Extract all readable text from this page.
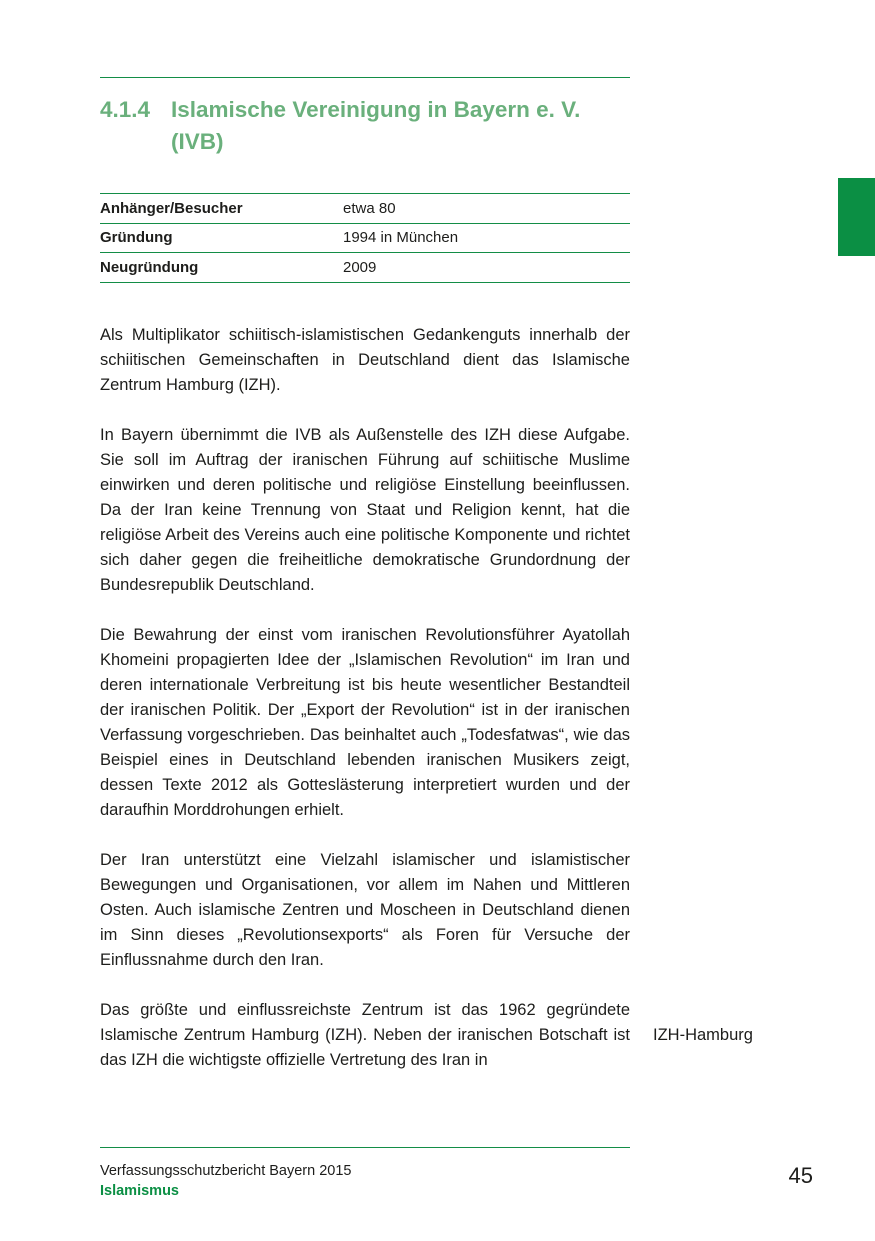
4.1.4 Islamische Vereinigung in Bayern e. V. (IVB)
Anhänger/Besucher	etwa 80
Gründung	1994 in München
Neugründung	2009

Als Multiplikator schiitisch-islamistischen Gedankenguts innerhalb der schiitischen Gemeinschaften in Deutschland dient das Islamische Zentrum Hamburg (IZH).

In Bayern übernimmt die IVB als Außenstelle des IZH diese Aufgabe. Sie soll im Auftrag der iranischen Führung auf schiitische Muslime einwirken und deren politische und religiöse Einstellung beeinflussen. Da der Iran keine Trennung von Staat und Religion kennt, hat die religiöse Arbeit des Vereins auch eine politische Komponente und richtet sich daher gegen die freiheitliche demokratische Grundordnung der Bundesrepublik Deutschland.

Die Bewahrung der einst vom iranischen Revolutionsführer Ayatollah Khomeini propagierten Idee der „Islamischen Revolution“ im Iran und deren internationale Verbreitung ist bis heute wesentlicher Bestandteil der iranischen Politik. Der „Export der Revolution“ ist in der iranischen Verfassung vorgeschrieben. Das beinhaltet auch „Todesfatwas“, wie das Beispiel eines in Deutschland lebenden iranischen Musikers zeigt, dessen Texte 2012 als Gotteslästerung interpretiert wurden und der daraufhin Morddrohungen erhielt.

Der Iran unterstützt eine Vielzahl islamischer und islamistischer Bewegungen und Organisationen, vor allem im Nahen und Mittleren Osten. Auch islamische Zentren und Moscheen in Deutschland dienen im Sinn dieses „Revolutionsexports“ als Foren für Versuche der Einflussnahme durch den Iran.

Das größte und einflussreichste Zentrum ist das 1962 gegründete Islamische Zentrum Hamburg (IZH). Neben der iranischen Botschaft ist das IZH die wichtigste offizielle Vertretung des Iran in

IZH-Hamburg
Verfassungsschutzbericht Bayern 2015
Islamismus
45
